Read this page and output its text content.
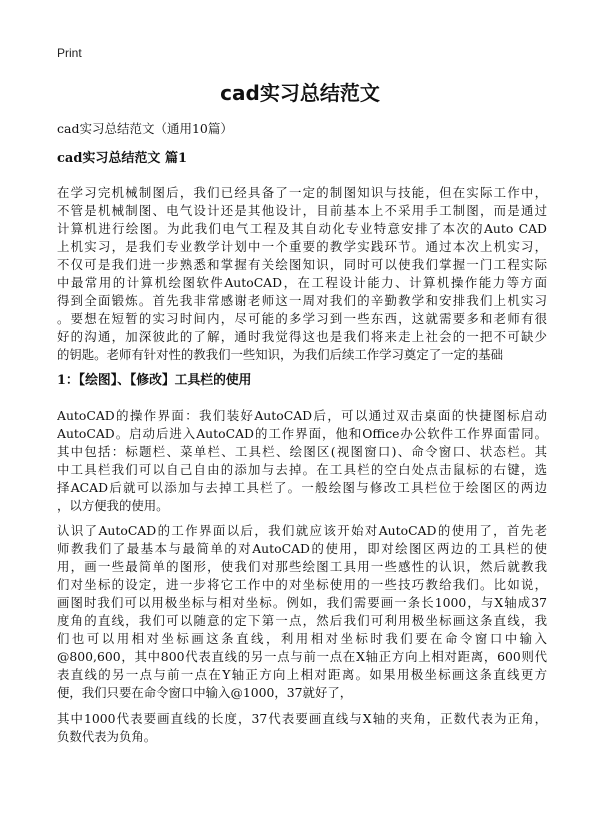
Print
cad实习总结范文
cad实习总结范文（通用10篇）
cad实习总结范文 篇1

在学习完机械制图后，我们已经具备了一定的制图知识与技能，但在实际工作中，
不管是机械制图、电气设计还是其他设计，目前基本上不采用手工制图，而是通过
计算机进行绘图。为此我们电气工程及其自动化专业特意安排了本次的Auto CAD
上机实习，是我们专业教学计划中一个重要的教学实践环节。通过本次上机实习，
不仅可是我们进一步熟悉和掌握有关绘图知识，同时可以使我们掌握一门工程实际
中最常用的计算机绘图软件AutoCAD，在工程设计能力、计算机操作能力等方面
得到全面锻炼。首先我非常感谢老师这一周对我们的辛勤教学和安排我们上机实习
。要想在短暂的实习时间内，尽可能的多学习到一些东西，这就需要多和老师有很
好的沟通，加深彼此的了解，通时我觉得这也是我们将来走上社会的一把不可缺少
的钥匙。老师有针对性的教我们一些知识，为我们后续工作学习奠定了一定的基础

1：【绘图】、【修改】工具栏的使用

AutoCAD的操作界面：我们装好AutoCAD后，可以通过双击桌面的快捷图标启动
AutoCAD。启动后进入AutoCAD的工作界面，他和Office办公软件工作界面雷同。
其中包括：标题栏、菜单栏、工具栏、绘图区(视图窗口)、命令窗口、状态栏。其
中工具栏我们可以自己自由的添加与去掉。在工具栏的空白处点击鼠标的右键，选
择ACAD后就可以添加与去掉工具栏了。一般绘图与修改工具栏位于绘图区的两边
，以方便我的使用。

认识了AutoCAD的工作界面以后，我们就应该开始对AutoCAD的使用了，首先老
师教我们了最基本与最简单的对AutoCAD的使用，即对绘图区两边的工具栏的使
用，画一些最简单的图形，使我们对那些绘图工具用一些感性的认识，然后就教我
们对坐标的设定，进一步将它工作中的对坐标使用的一些技巧教给我们。比如说，
画图时我们可以用极坐标与相对坐标。例如，我们需要画一条长1000，与X轴成37
度角的直线，我们可以随意的定下第一点，然后我们可利用极坐标画这条直线，我
们也可以用相对坐标画这条直线，利用相对坐标时我们要在命令窗口中输入
@800,600，其中800代表直线的另一点与前一点在X轴正方向上相对距离，600则代
表直线的另一点与前一点在Y轴正方向上相对距离。如果用极坐标画这条直线更方
便，我们只要在命令窗口中输入@1000，37就好了，

其中1000代表要画直线的长度，37代表要画直线与X轴的夹角，正数代表为正角，
负数代表为负角。
